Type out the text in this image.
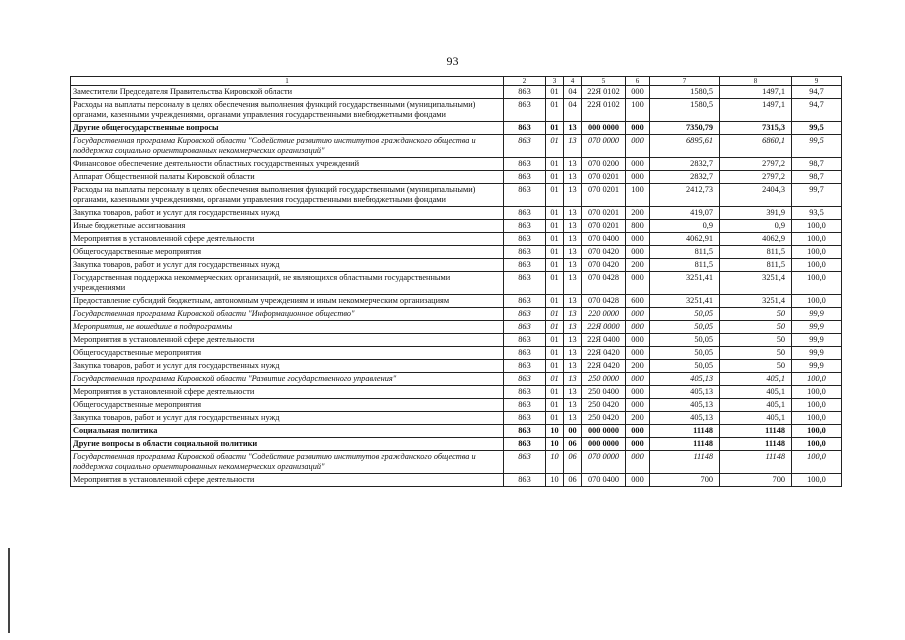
93
1	2	3	4	5	6	7	8	9
Заместители Председателя Правительства Кировской области	863	01	04	22Я 0102	000	1580,5	1497,1	94,7
Расходы на выплаты персоналу в целях обеспечения выполнения функций государственными (муниципальными) органами, казенными учреждениями, органами управления государственными внебюджетными фондами	863	01	04	22Я 0102	100	1580,5	1497,1	94,7
Другие общегосударственные вопросы	863	01	13	000 0000	000	7350,79	7315,3	99,5
Государственная программа Кировской области "Содействие развитию институтов гражданского общества и поддержка социально ориентированных некоммерческих организаций"	863	01	13	070 0000	000	6895,61	6860,1	99,5
Финансовое обеспечение деятельности областных государственных учреждений	863	01	13	070 0200	000	2832,7	2797,2	98,7
Аппарат Общественной палаты Кировской области	863	01	13	070 0201	000	2832,7	2797,2	98,7
Расходы на выплаты персоналу в целях обеспечения выполнения функций государственными (муниципальными) органами, казенными учреждениями, органами управления государственными внебюджетными фондами	863	01	13	070 0201	100	2412,73	2404,3	99,7
Закупка товаров, работ и услуг для государственных нужд	863	01	13	070 0201	200	419,07	391,9	93,5
Иные бюджетные ассигнования	863	01	13	070 0201	800	0,9	0,9	100,0
Мероприятия в установленной сфере деятельности	863	01	13	070 0400	000	4062,91	4062,9	100,0
Общегосударственные мероприятия	863	01	13	070 0420	000	811,5	811,5	100,0
Закупка товаров, работ и услуг для государственных нужд	863	01	13	070 0420	200	811,5	811,5	100,0
Государственная поддержка некоммерческих организаций, не являющихся областными государственными учреждениями	863	01	13	070 0428	000	3251,41	3251,4	100,0
Предоставление субсидий бюджетным, автономным учреждениям и иным некоммерческим организациям	863	01	13	070 0428	600	3251,41	3251,4	100,0
Государственная программа Кировской области "Информационное общество"	863	01	13	220 0000	000	50,05	50	99,9
Мероприятия, не вошедшие в подпрограммы	863	01	13	22Я 0000	000	50,05	50	99,9
Мероприятия в установленной сфере деятельности	863	01	13	22Я 0400	000	50,05	50	99,9
Общегосударственные мероприятия	863	01	13	22Я 0420	000	50,05	50	99,9
Закупка товаров, работ и услуг для государственных нужд	863	01	13	22Я 0420	200	50,05	50	99,9
Государственная программа Кировской области "Развитие государственного управления"	863	01	13	250 0000	000	405,13	405,1	100,0
Мероприятия в установленной сфере деятельности	863	01	13	250 0400	000	405,13	405,1	100,0
Общегосударственные мероприятия	863	01	13	250 0420	000	405,13	405,1	100,0
Закупка товаров, работ и услуг для государственных нужд	863	01	13	250 0420	200	405,13	405,1	100,0
Социальная политика	863	10	00	000 0000	000	11148	11148	100,0
Другие вопросы в области социальной политики	863	10	06	000 0000	000	11148	11148	100,0
Государственная программа Кировской области "Содействие развитию институтов гражданского общества и поддержка социально ориентированных некоммерческих организаций"	863	10	06	070 0000	000	11148	11148	100,0
Мероприятия в установленной сфере деятельности	863	10	06	070 0400	000	700	700	100,0
